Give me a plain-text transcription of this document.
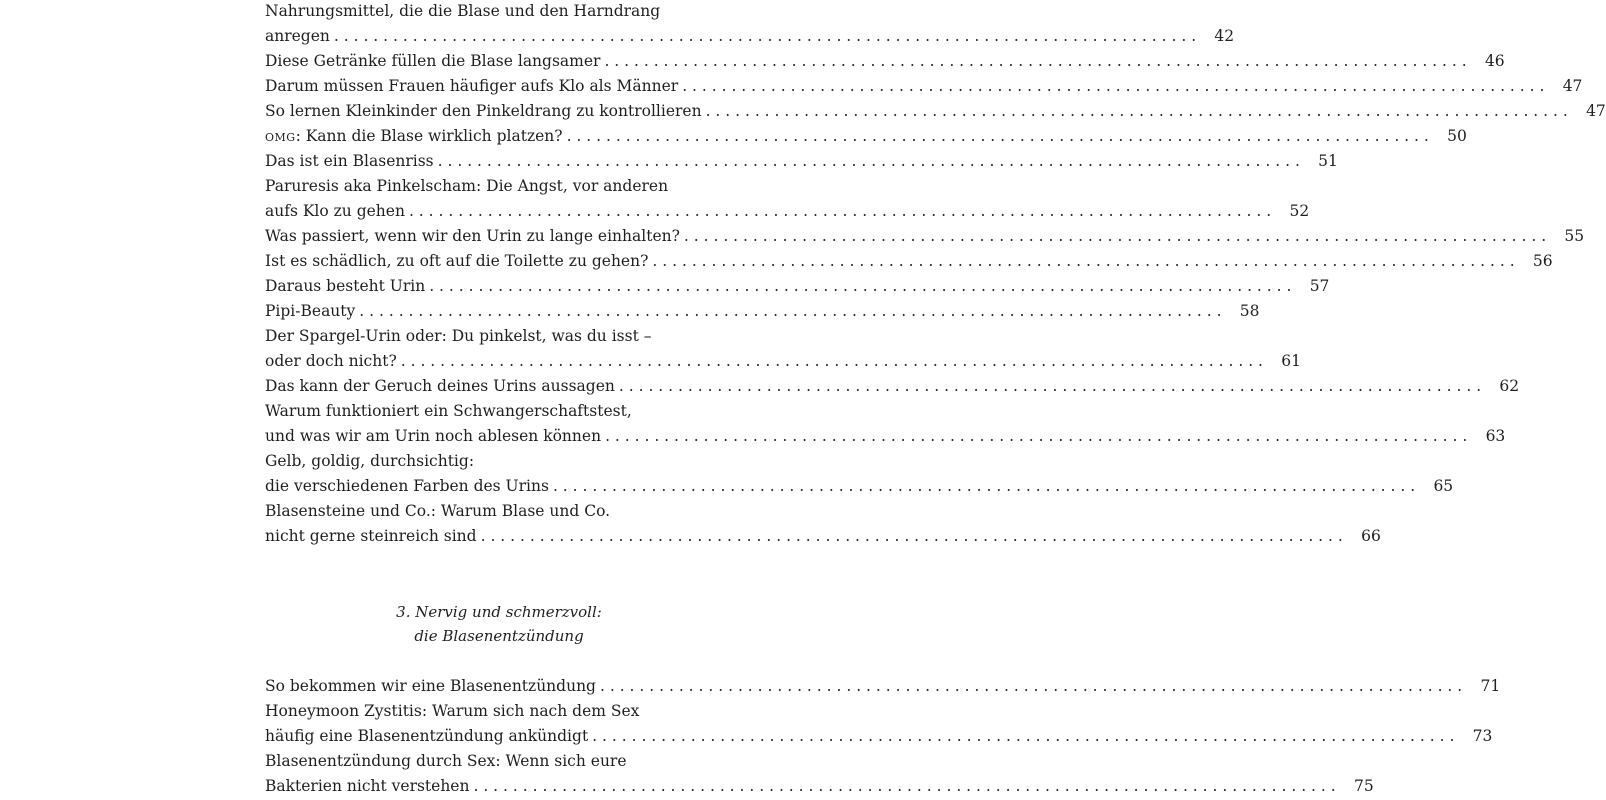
Nahrungsmittel, die die Blase und den Harndrang
anregen . . .	42
Diese Getränke füllen die Blase langsamer . . .	46
Darum müssen Frauen häufiger aufs Klo als Männer . . .	47
So lernen Kleinkinder den Pinkeldrang zu kontrollieren . . .	47
omg: Kann die Blase wirklich platzen? . . .	50
Das ist ein Blasenriss . . .	51
Paruresis aka Pinkelscham: Die Angst, vor anderen
aufs Klo zu gehen . . .	52
Was passiert, wenn wir den Urin zu lange einhalten? . . .	55
Ist es schädlich, zu oft auf die Toilette zu gehen? . . .	56
Daraus besteht Urin . . .	57
Pipi-Beauty . . .	58
Der Spargel-Urin oder: Du pinkelst, was du isst –
oder doch nicht? . . .	61
Das kann der Geruch deines Urins aussagen . . .	62
Warum funktioniert ein Schwangerschaftstest,
und was wir am Urin noch ablesen können . . .	63
Gelb, goldig, durchsichtig:
die verschiedenen Farben des Urins . . .	65
Blasensteine und Co.: Warum Blase und Co.
nicht gerne steinreich sind . . .	66
3. Nervig und schmerzvoll:
die Blasenentzündung
So bekommen wir eine Blasenentzündung . . .	71
Honeymoon Zystitis: Warum sich nach dem Sex
häufig eine Blasenentzündung ankündigt . . .	73
Blasenentzündung durch Sex: Wenn sich eure
Bakterien nicht verstehen . . .	75
